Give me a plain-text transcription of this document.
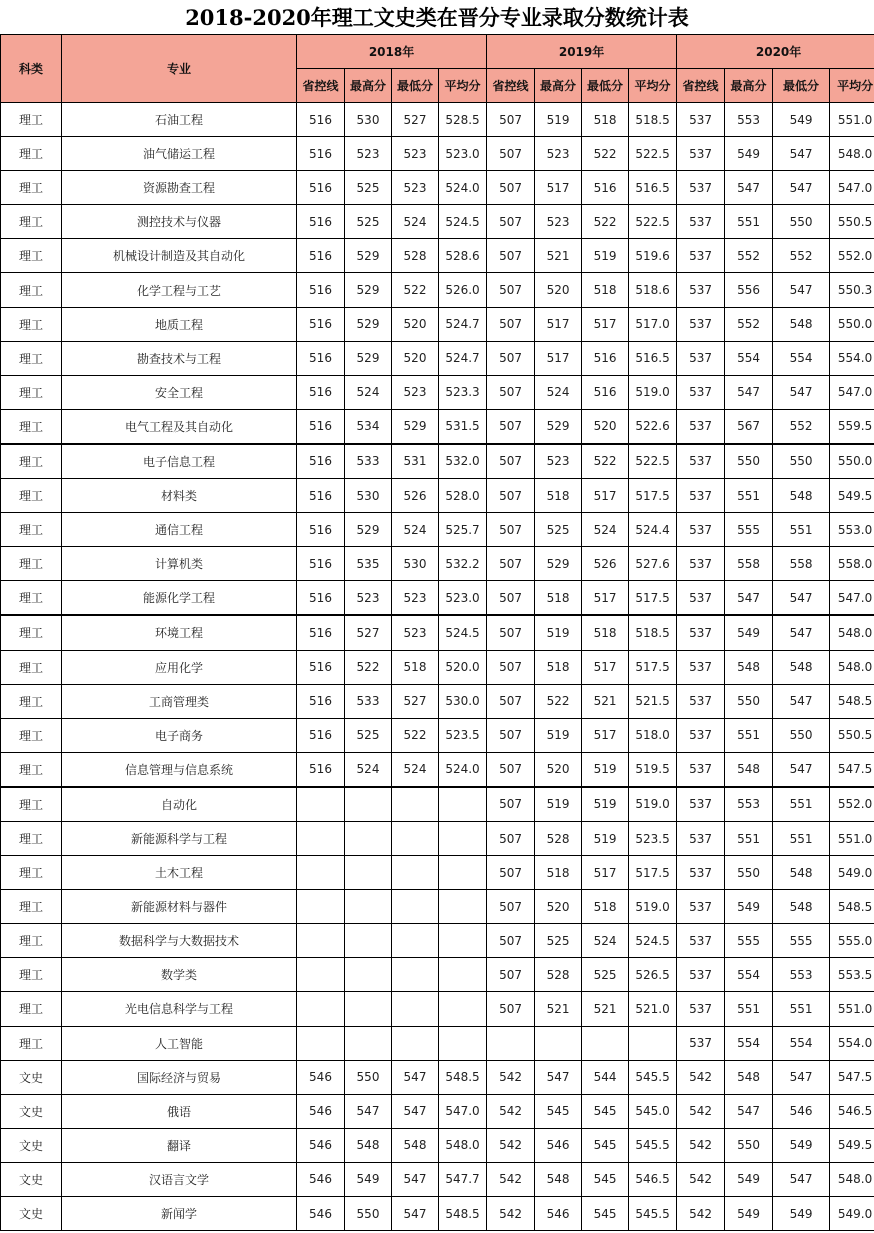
2018-2020年理工文史类在晋分专业录取分数统计表
科类	专业	2018年				2019年				2020年			
		省控线	最高分	最低分	平均分	省控线	最高分	最低分	平均分	省控线	最高分	最低分	平均分
理工	石油工程	516	530	527	528.5	507	519	518	518.5	537	553	549	551.0
理工	油气储运工程	516	523	523	523.0	507	523	522	522.5	537	549	547	548.0
理工	资源勘查工程	516	525	523	524.0	507	517	516	516.5	537	547	547	547.0
理工	测控技术与仪器	516	525	524	524.5	507	523	522	522.5	537	551	550	550.5
理工	机械设计制造及其自动化	516	529	528	528.6	507	521	519	519.6	537	552	552	552.0
理工	化学工程与工艺	516	529	522	526.0	507	520	518	518.6	537	556	547	550.3
理工	地质工程	516	529	520	524.7	507	517	517	517.0	537	552	548	550.0
理工	勘查技术与工程	516	529	520	524.7	507	517	516	516.5	537	554	554	554.0
理工	安全工程	516	524	523	523.3	507	524	516	519.0	537	547	547	547.0
理工	电气工程及其自动化	516	534	529	531.5	507	529	520	522.6	537	567	552	559.5
理工	电子信息工程	516	533	531	532.0	507	523	522	522.5	537	550	550	550.0
理工	材料类	516	530	526	528.0	507	518	517	517.5	537	551	548	549.5
理工	通信工程	516	529	524	525.7	507	525	524	524.4	537	555	551	553.0
理工	计算机类	516	535	530	532.2	507	529	526	527.6	537	558	558	558.0
理工	能源化学工程	516	523	523	523.0	507	518	517	517.5	537	547	547	547.0
理工	环境工程	516	527	523	524.5	507	519	518	518.5	537	549	547	548.0
理工	应用化学	516	522	518	520.0	507	518	517	517.5	537	548	548	548.0
理工	工商管理类	516	533	527	530.0	507	522	521	521.5	537	550	547	548.5
理工	电子商务	516	525	522	523.5	507	519	517	518.0	537	551	550	550.5
理工	信息管理与信息系统	516	524	524	524.0	507	520	519	519.5	537	548	547	547.5
理工	自动化					507	519	519	519.0	537	553	551	552.0
理工	新能源科学与工程					507	528	519	523.5	537	551	551	551.0
理工	土木工程					507	518	517	517.5	537	550	548	549.0
理工	新能源材料与器件					507	520	518	519.0	537	549	548	548.5
理工	数据科学与大数据技术					507	525	524	524.5	537	555	555	555.0
理工	数学类					507	528	525	526.5	537	554	553	553.5
理工	光电信息科学与工程					507	521	521	521.0	537	551	551	551.0
理工	人工智能									537	554	554	554.0
文史	国际经济与贸易	546	550	547	548.5	542	547	544	545.5	542	548	547	547.5
文史	俄语	546	547	547	547.0	542	545	545	545.0	542	547	546	546.5
文史	翻译	546	548	548	548.0	542	546	545	545.5	542	550	549	549.5
文史	汉语言文学	546	549	547	547.7	542	548	545	546.5	542	549	547	548.0
文史	新闻学	546	550	547	548.5	542	546	545	545.5	542	549	549	549.0
